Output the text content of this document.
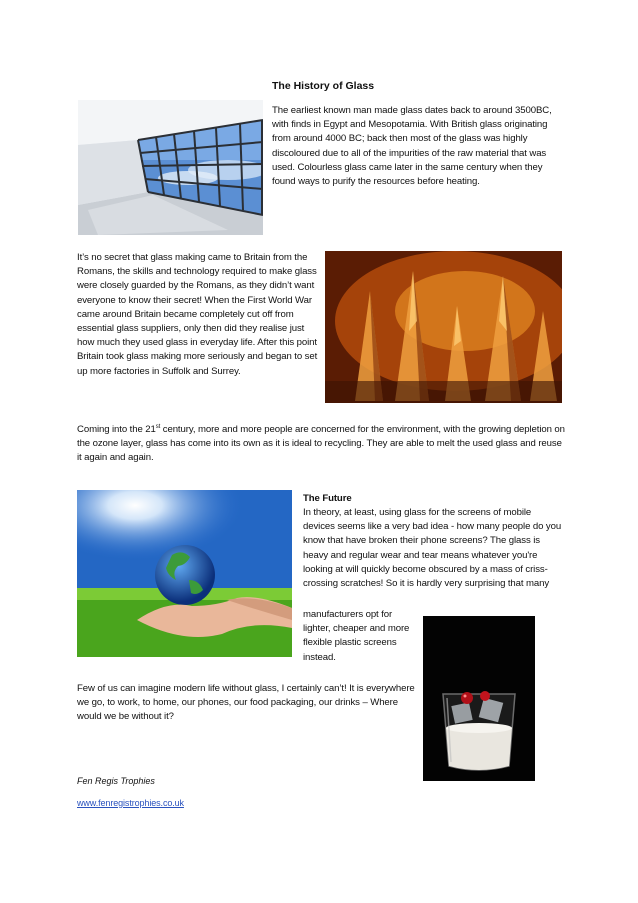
The History of Glass
The earliest known man made glass dates back to around 3500BC, with finds in Egypt and Mesopotamia. With British glass originating from around 4000 BC; back then most of the glass was highly discoloured due to all of the impurities of the raw material that was used. Colourless glass came later in the same century when they found ways to purify the resources before heating.
It’s no secret that glass making came to Britain from the Romans, the skills and technology required to make glass were closely guarded by the Romans, as they didn’t want everyone to know their secret! When the First World War came around Britain became completely cut off from essential glass suppliers, only then did they realise just how much they used glass in everyday life. After this point Britain took glass making more seriously and began to set up more factories in Suffolk and Surrey.
Coming into the 21st century, more and more people are concerned for the environment, with the growing depletion on the ozone layer, glass has come into its own as it is ideal to recycling. They are able to melt the used glass and reuse it again and again.
The Future
In theory, at least, using glass for the screens of mobile devices seems like a very bad idea - how many people do you know that have broken their phone screens? The glass is heavy and regular wear and tear means whatever you're looking at will quickly become obscured by a mass of criss-crossing scratches! So it is hardly very surprising that many
manufacturers opt for lighter, cheaper and more flexible plastic screens instead.
Few of us can imagine modern life without glass, I certainly can’t! It is everywhere we go, to work, to home, our phones, our food packaging, our drinks – Where would we be without it?
Fen Regis Trophies
www.fenregistrophies.co.uk
